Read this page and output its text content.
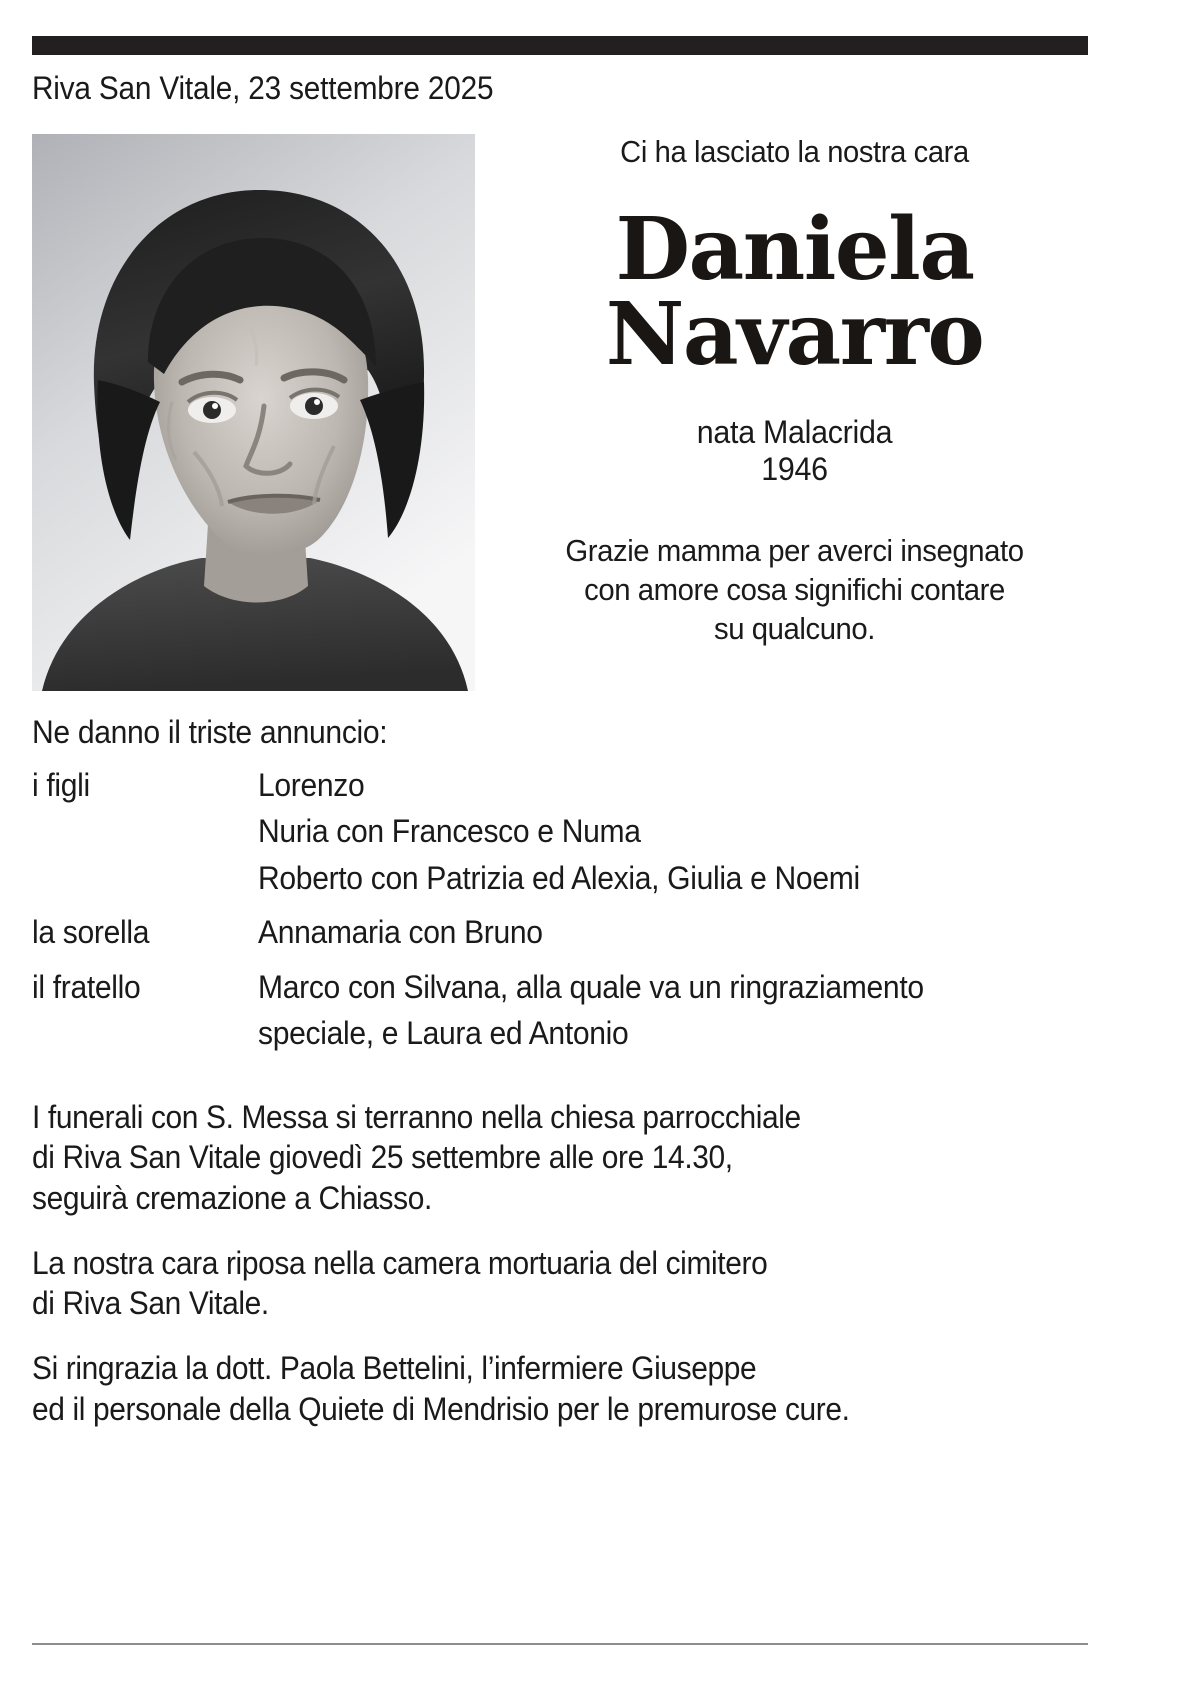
Riva San Vitale, 23 settembre 2025
Ci ha lasciato la nostra cara
Daniela
Navarro
nata Malacrida
1946
Grazie mamma per averci insegnato
con amore cosa significhi contare
su qualcuno.
Ne danno il triste annuncio:
i figli	Lorenzo
Nuria con Francesco e Numa
Roberto con Patrizia ed Alexia, Giulia e Noemi
la sorella	Annamaria con Bruno
il fratello	Marco con Silvana, alla quale va un ringraziamento
speciale, e Laura ed Antonio
I funerali con S. Messa si terranno nella chiesa parrocchiale
di Riva San Vitale giovedì 25 settembre alle ore 14.30,
seguirà cremazione a Chiasso.
La nostra cara riposa nella camera mortuaria del cimitero
di Riva San Vitale.
Si ringrazia la dott. Paola Bettelini, l’infermiere Giuseppe
ed il personale della Quiete di Mendrisio per le premurose cure.
